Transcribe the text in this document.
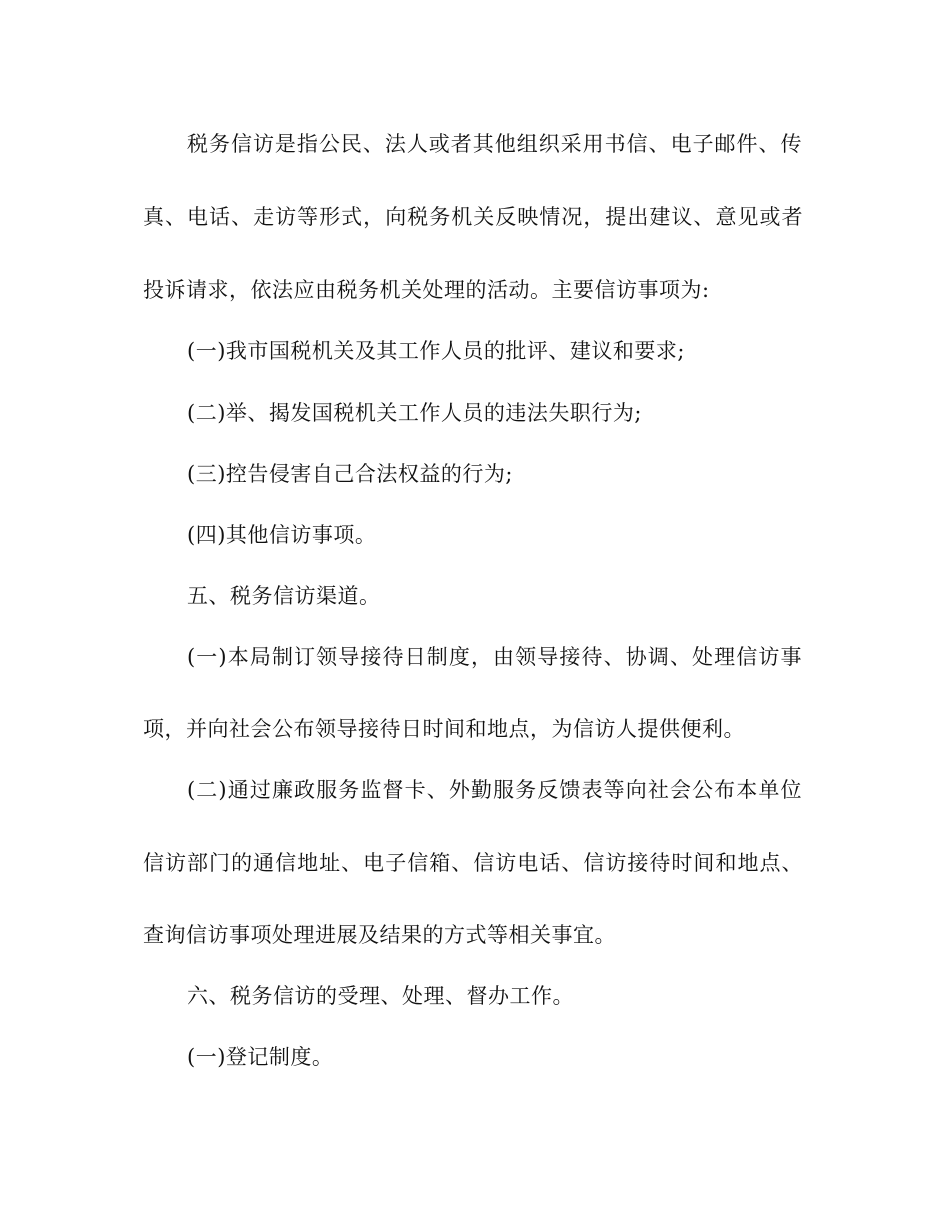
税务信访是指公民、法人或者其他组织采用书信、电子邮件、传
真、电话、走访等形式，向税务机关反映情况，提出建议、意见或者
投诉请求，依法应由税务机关处理的活动。主要信访事项为:
(一)我市国税机关及其工作人员的批评、建议和要求;
(二)举、揭发国税机关工作人员的违法失职行为;
(三)控告侵害自己合法权益的行为;
(四)其他信访事项。
五、税务信访渠道。
(一)本局制订领导接待日制度，由领导接待、协调、处理信访事
项，并向社会公布领导接待日时间和地点，为信访人提供便利。
(二)通过廉政服务监督卡、外勤服务反馈表等向社会公布本单位
信访部门的通信地址、电子信箱、信访电话、信访接待时间和地点、
查询信访事项处理进展及结果的方式等相关事宜。
六、税务信访的受理、处理、督办工作。
(一)登记制度。
